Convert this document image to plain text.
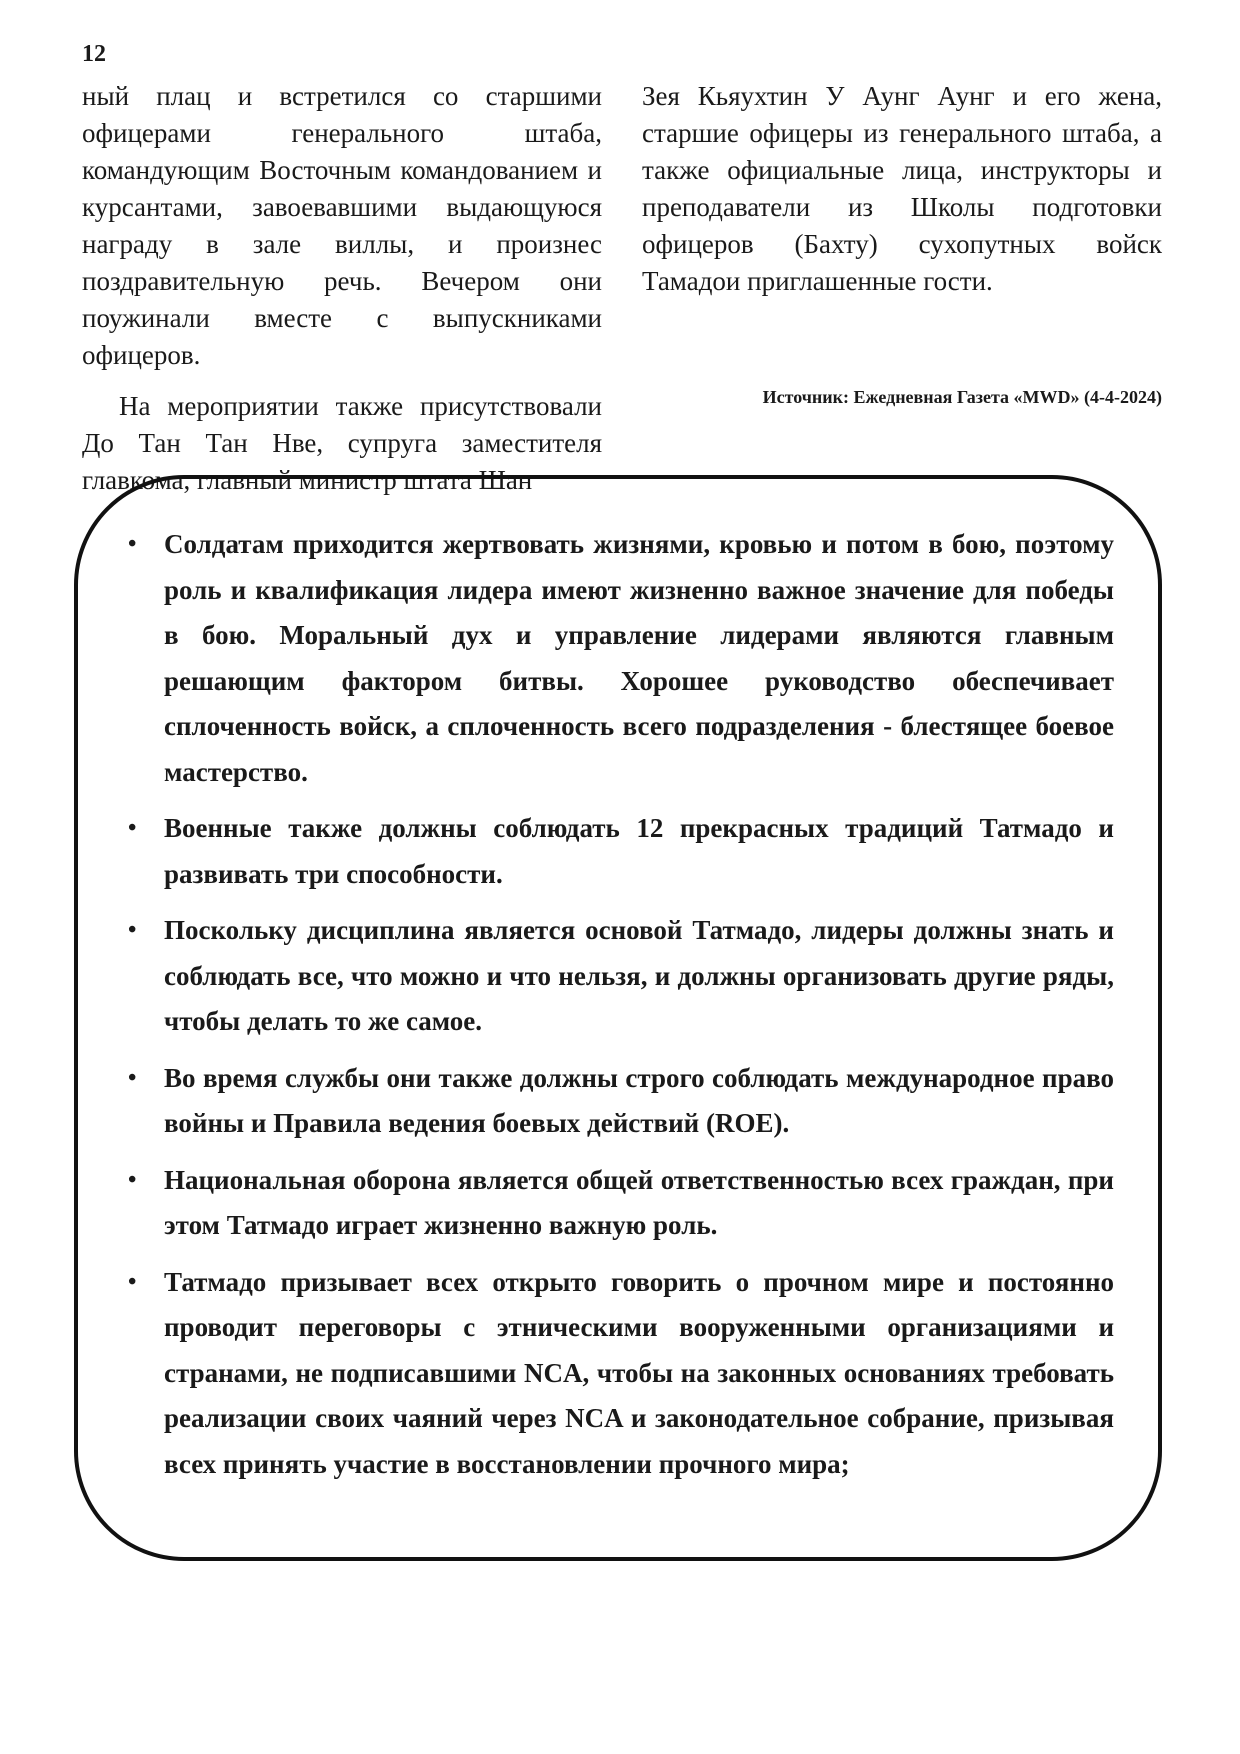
12

ный плац и встретился со старшими офицерами генерального штаба, командующим Восточным командованием и курсантами, завоевавшими выдающуюся награду в зале виллы, и произнес поздравительную речь. Вечером они поужинали вместе с выпускниками офицеров.

На мероприятии также присутствовали До Тан Тан Нве, супруга заместителя главкома, главный министр штата Шан

Зея Кьяухтин У Аунг Аунг и его жена, старшие офицеры из генерального штаба, а также официальные лица, инструкторы и преподаватели из Школы подготовки офицеров (Бахту) сухопутных войск Тамадои приглашенные гости.

Источник: Ежедневная Газета «MWD» (4-4-2024)
• Солдатам приходится жертвовать жизнями, кровью и потом в бою, поэтому роль и квалификация лидера имеют жизненно важное значение для победы в бою. Моральный дух и управление лидерами являются главным решающим фактором битвы. Хорошее руководство обеспечивает сплоченность войск, а сплоченность всего подразделения - блестящее боевое мастерство.
• Военные также должны соблюдать 12 прекрасных традиций Татмадо и развивать три способности.
• Поскольку дисциплина является основой Татмадо, лидеры должны знать и соблюдать все, что можно и что нельзя, и должны организовать другие ряды, чтобы делать то же самое.
• Во время службы они также должны строго соблюдать международное право войны и Правила ведения боевых действий (ROE).
• Национальная оборона является общей ответственностью всех граждан, при этом Татмадо играет жизненно важную роль.
• Татмадо призывает всех открыто говорить о прочном мире и постоянно проводит переговоры с этническими вооруженными организациями и странами, не подписавшими NCA, чтобы на законных основаниях требовать реализации своих чаяний через NCA и законодательное собрание, призывая всех принять участие в восстановлении прочного мира;
